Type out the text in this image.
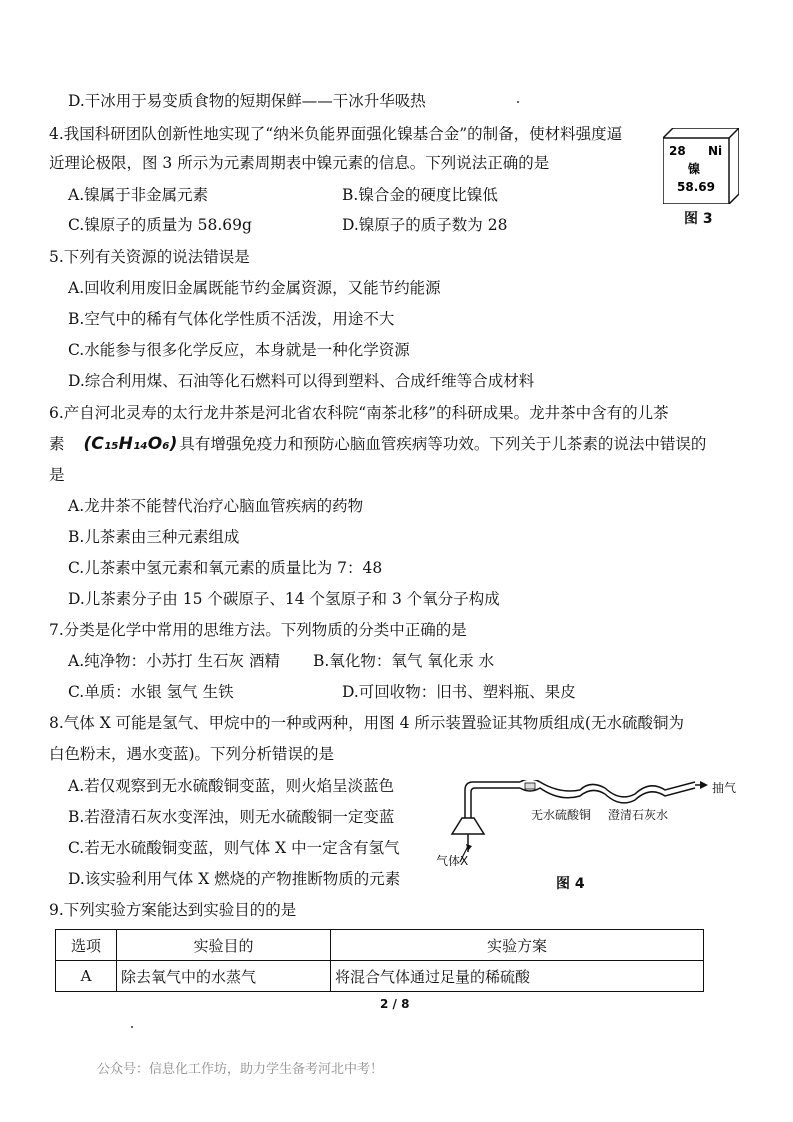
D.干冰用于易变质食物的短期保鲜——干冰升华吸热
4.我国科研团队创新性地实现了“纳米负能界面强化镍基合金”的制备，使材料强度逼
近理论极限，图 3 所示为元素周期表中镍元素的信息。下列说法正确的是
A.镍属于非金属元素	B.镍合金的硬度比镍低
C.镍原子的质量为 58.69g	D.镍原子的质子数为 28
28 Ni
镍
58.69
图 3
5.下列有关资源的说法错误是
A.回收利用废旧金属既能节约金属资源，又能节约能源
B.空气中的稀有气体化学性质不活泼，用途不大
C.水能参与很多化学反应，本身就是一种化学资源
D.综合利用煤、石油等化石燃料可以得到塑料、合成纤维等合成材料
6.产自河北灵寿的太行龙井茶是河北省农科院“南茶北移”的科研成果。龙井茶中含有的儿茶
素 (C₁₅H₁₄O₆) 具有增强免疫力和预防心脑血管疾病等功效。下列关于儿茶素的说法中错误的
是
A.龙井茶不能替代治疗心脑血管疾病的药物
B.儿茶素由三种元素组成
C.儿茶素中氢元素和氧元素的质量比为 7：48
D.儿茶素分子由 15 个碳原子、14 个氢原子和 3 个氧分子构成
7.分类是化学中常用的思维方法。下列物质的分类中正确的是
A.纯净物：小苏打 生石灰 酒精 B.氧化物：氧气 氧化汞 水
C.单质：水银 氢气 生铁	D.可回收物：旧书、塑料瓶、果皮
8.气体 X 可能是氢气、甲烷中的一种或两种，用图 4 所示装置验证其物质组成(无水硫酸铜为
白色粉末，遇水变蓝)。下列分析错误的是
A.若仅观察到无水硫酸铜变蓝，则火焰呈淡蓝色
B.若澄清石灰水变浑浊，则无水硫酸铜一定变蓝
C.若无水硫酸铜变蓝，则气体 X 中一定含有氢气
D.该实验利用气体 X 燃烧的产物推断物质的元素
抽气
无水硫酸铜 澄清石灰水
气体X
图 4
9.下列实验方案能达到实验目的的是
选项	实验目的	实验方案
A	除去氧气中的水蒸气	将混合气体通过足量的稀硫酸
2 / 8
公众号：信息化工作坊，助力学生备考河北中考！
